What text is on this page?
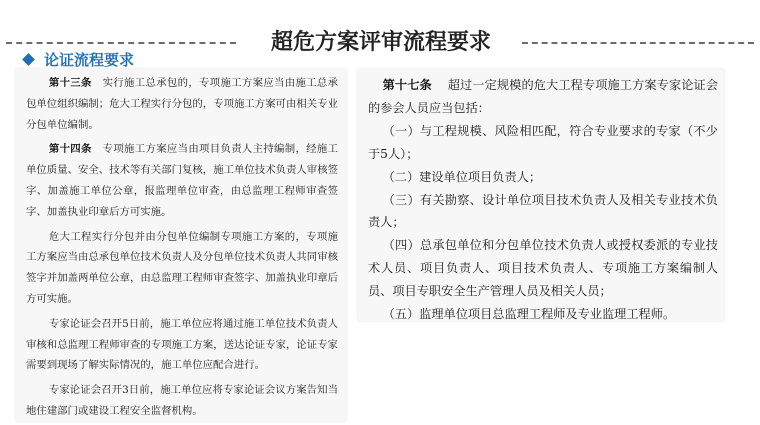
超危方案评审流程要求
论证流程要求

第十三条 实行施工总承包的，专项施工方案应当由施工总承包单位组织编制；危大工程实行分包的，专项施工方案可由相关专业分包单位编制。

第十四条 专项施工方案应当由项目负责人主持编制，经施工单位质量、安全、技术等有关部门复核，施工单位技术负责人审核签字、加盖施工单位公章，报监理单位审查，由总监理工程师审查签字、加盖执业印章后方可实施。

危大工程实行分包并由分包单位编制专项施工方案的，专项施工方案应当由总承包单位技术负责人及分包单位技术负责人共同审核签字并加盖两单位公章，由总监理工程师审查签字、加盖执业印章后方可实施。

专家论证会召开5日前，施工单位应将通过施工单位技术负责人审核和总监理工程师审查的专项施工方案，送达论证专家，论证专家需要到现场了解实际情况的，施工单位应配合进行。

专家论证会召开3日前，施工单位应将专家论证会议方案告知当地住建部门或建设工程安全监督机构。

第十七条 超过一定规模的危大工程专项施工方案专家论证会的参会人员应当包括：

（一）与工程规模、风险相匹配，符合专业要求的专家（不少于5人）；

（二）建设单位项目负责人；

（三）有关勘察、设计单位项目技术负责人及相关专业技术负责人；

（四）总承包单位和分包单位技术负责人或授权委派的专业技术人员、项目负责人、项目技术负责人、专项施工方案编制人员、项目专职安全生产管理人员及相关人员；

（五）监理单位项目总监理工程师及专业监理工程师。
